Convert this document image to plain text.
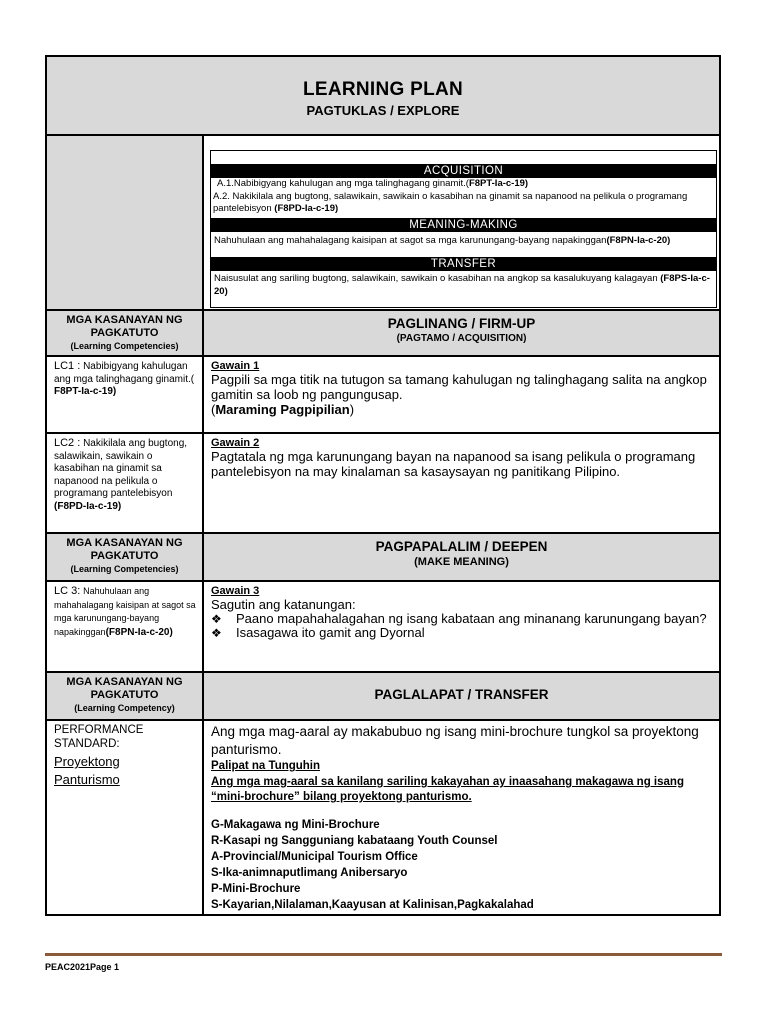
LEARNING PLAN
PAGTUKLAS / EXPLORE
ACQUISITION
A.1.Nabibigyang kahulugan ang mga talinghagang ginamit.(F8PT-Ia-c-19)
A.2. Nakikilala ang bugtong, salawikain, sawikain o kasabihan na ginamit sa napanood na pelikula o programang pantelebisyon (F8PD-Ia-c-19)
MEANING-MAKING
Nahuhulaan ang mahahalagang kaisipan at sagot sa mga karunungang-bayang napakinggan(F8PN-Ia-c-20)
TRANSFER
Naisusulat ang sariling bugtong, salawikain, sawikain o kasabihan na angkop sa kasalukuyang kalagayan (F8PS-Ia-c-20)
MGA KASANAYAN NG PAGKATUTO
(Learning Competencies)
PAGLINANG / FIRM-UP
(PAGTAMO / ACQUISITION)
LC1 : Nabibigyang kahulugan ang mga talinghagang ginamit.(
F8PT-Ia-c-19)
Gawain 1
Pagpili sa mga titik na tutugon sa tamang kahulugan ng talinghagang salita na angkop gamitin sa loob ng pangungusap.
(Maraming Pagpipilian)
LC2 : Nakikilala ang bugtong, salawikain, sawikain o kasabihan na ginamit sa napanood na pelikula o programang pantelebisyon (F8PD-Ia-c-19)
Gawain 2
Pagtatala ng mga karunungang bayan na napanood sa isang pelikula o programang pantelebisyon na may kinalaman sa kasaysayan ng panitikang Pilipino.
MGA KASANAYAN NG PAGKATUTO
(Learning Competencies)
PAGPAPALALIM / DEEPEN
(MAKE MEANING)
LC 3: Nahuhulaan ang mahahalagang kaisipan at sagot sa mga karunungang-bayang napakinggan(F8PN-Ia-c-20)
Gawain 3
Sagutin ang katanungan:
❖	Paano mapahahalagahan ng isang kabataan ang minanang karunungang bayan?
❖	Isasagawa ito gamit ang Dyornal
MGA KASANAYAN NG PAGKATUTO
(Learning Competency)
PAGLALAPAT / TRANSFER
PERFORMANCE STANDARD:
Proyektong
Panturismo
Ang mga mag-aaral ay makabubuo ng isang mini-brochure tungkol sa proyektong panturismo.
Palipat na Tunguhin
Ang mga mag-aaral sa kanilang sariling kakayahan ay inaasahang makagawa ng isang “mini-brochure” bilang proyektong panturismo.
G-Makagawa ng Mini-Brochure
R-Kasapi ng Sangguniang kabataang Youth Counsel
A-Provincial/Municipal Tourism Office
S-Ika-animnaputlimang Anibersaryo
P-Mini-Brochure
S-Kayarian,Nilalaman,Kaayusan at Kalinisan,Pagkakalahad
PEAC2021Page 1
